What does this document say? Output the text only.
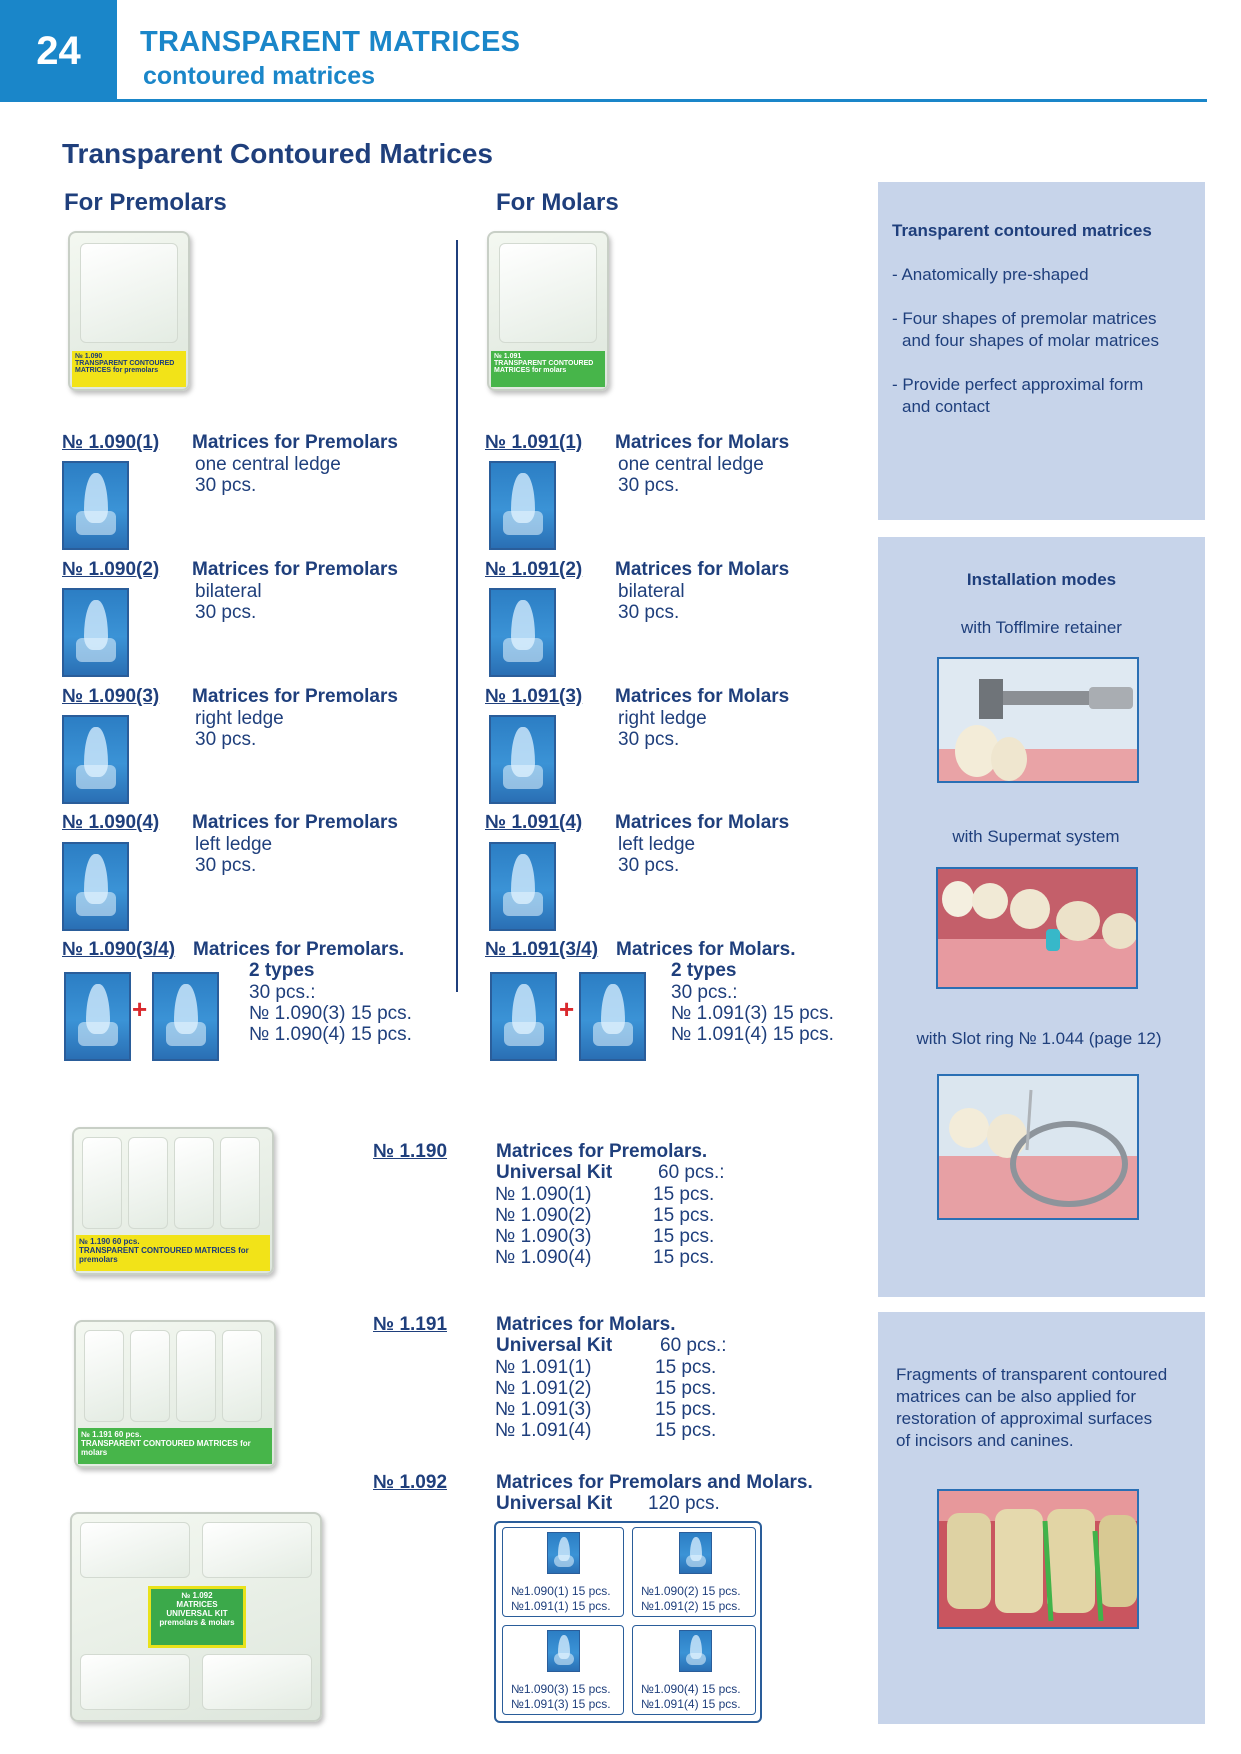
24	TRANSPARENT MATRICES
contoured matrices
Transparent Contoured Matrices
For Premolars
№ 1.090
TRANSPARENT CONTOURED MATRICES for premolars
№ 1.090(1) Matrices for Premolars
one central ledge
30 pcs.
№ 1.090(2) Matrices for Premolars
bilateral
30 pcs.
№ 1.090(3) Matrices for Premolars
right ledge
30 pcs.
№ 1.090(4) Matrices for Premolars
left ledge
30 pcs.
№ 1.090(3/4) Matrices for Premolars.
2 types
30 pcs.:
№ 1.090(3) 15 pcs.
№ 1.090(4) 15 pcs.
+
For Molars
№ 1.091
TRANSPARENT CONTOURED MATRICES for molars
№ 1.091(1) Matrices for Molars
one central ledge
30 pcs.
№ 1.091(2) Matrices for Molars
bilateral
30 pcs.
№ 1.091(3) Matrices for Molars
right ledge
30 pcs.
№ 1.091(4) Matrices for Molars
left ledge
30 pcs.
№ 1.091(3/4) Matrices for Molars.
2 types
30 pcs.:
№ 1.091(3) 15 pcs.
№ 1.091(4) 15 pcs.
+
№ 1.190 60 pcs.
TRANSPARENT CONTOURED MATRICES for premolars
№ 1.190	Matrices for Premolars.
Universal Kit 60 pcs.:
№ 1.090(1)	15 pcs.
№ 1.090(2)	15 pcs.
№ 1.090(3)	15 pcs.
№ 1.090(4)	15 pcs.
№ 1.191 60 pcs.
TRANSPARENT CONTOURED MATRICES for molars
№ 1.191	Matrices for Molars.
Universal Kit	60 pcs.:
№ 1.091(1)	15 pcs.
№ 1.091(2)	15 pcs.
№ 1.091(3)	15 pcs.
№ 1.091(4)	15 pcs.
№ 1.092
MATRICES UNIVERSAL KIT premolars & molars
№ 1.092	Matrices for Premolars and Molars.
Universal Kit 120 pcs.
№1.090(1) 15 pcs.
№1.091(1) 15 pcs.
№1.090(2) 15 pcs.
№1.091(2) 15 pcs.
№1.090(3) 15 pcs.
№1.091(3) 15 pcs.
№1.090(4) 15 pcs.
№1.091(4) 15 pcs.
Transparent contoured matrices
- Anatomically pre-shaped
- Four shapes of premolar matrices
and four shapes of molar matrices
- Provide perfect approximal form
and contact
Installation modes
with Tofflmire retainer
with Supermat system
with Slot ring № 1.044 (page 12)
Fragments of transparent contoured
matrices can be also applied for
restoration of approximal surfaces
of incisors and canines.
